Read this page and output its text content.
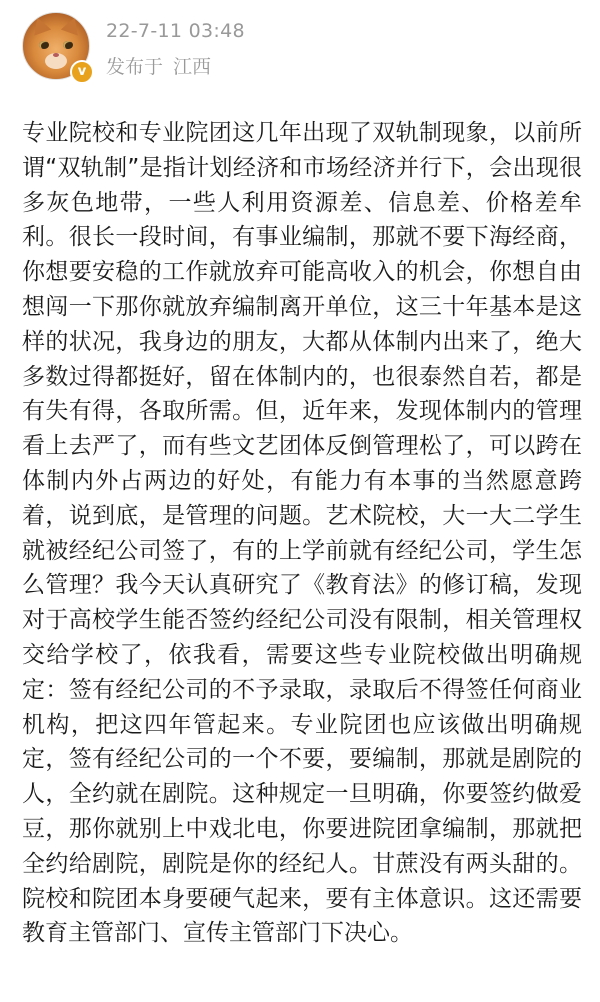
v
22-7-11 03:48
发布于 江西
专业院校和专业院团这几年出现了双轨制现象，以前所谓“双轨制”是指计划经济和市场经济并行下，会出现很多灰色地带，一些人利用资源差、信息差、价格差牟利。很长一段时间，有事业编制，那就不要下海经商，你想要安稳的工作就放弃可能高收入的机会，你想自由想闯一下那你就放弃编制离开单位，这三十年基本是这样的状况，我身边的朋友，大都从体制内出来了，绝大多数过得都挺好，留在体制内的，也很泰然自若，都是有失有得，各取所需。但，近年来，发现体制内的管理看上去严了，而有些文艺团体反倒管理松了，可以跨在体制内外占两边的好处，有能力有本事的当然愿意跨着，说到底，是管理的问题。艺术院校，大一大二学生就被经纪公司签了，有的上学前就有经纪公司，学生怎么管理？我今天认真研究了《教育法》的修订稿，发现对于高校学生能否签约经纪公司没有限制，相关管理权交给学校了，依我看，需要这些专业院校做出明确规定：签有经纪公司的不予录取，录取后不得签任何商业机构，把这四年管起来。专业院团也应该做出明确规定，签有经纪公司的一个不要，要编制，那就是剧院的人，全约就在剧院。这种规定一旦明确，你要签约做爱豆，那你就别上中戏北电，你要进院团拿编制，那就把全约给剧院，剧院是你的经纪人。甘蔗没有两头甜的。院校和院团本身要硬气起来，要有主体意识。这还需要教育主管部门、宣传主管部门下决心。
